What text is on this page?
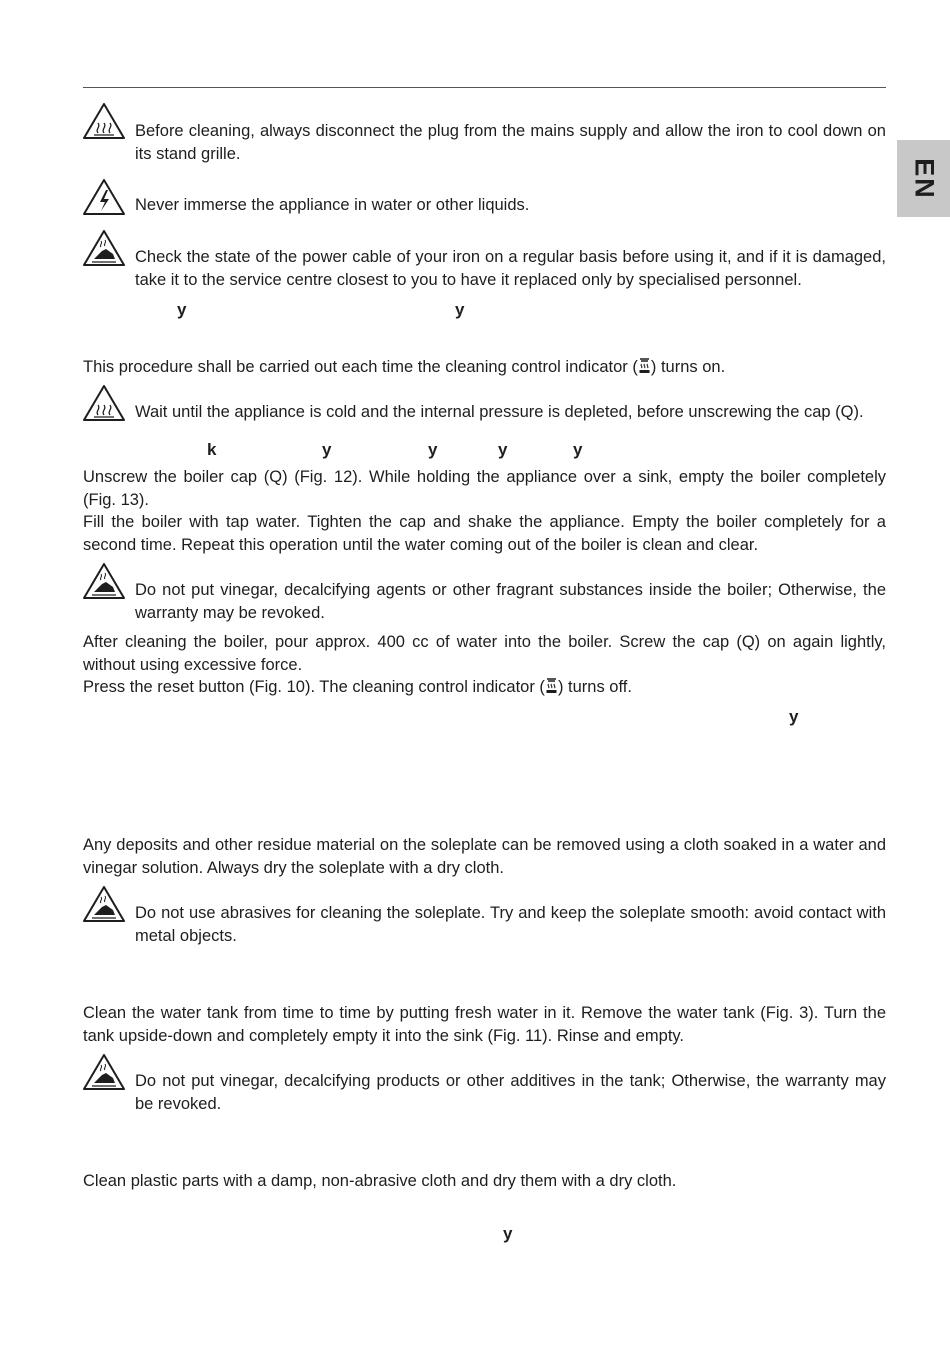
EN

Before cleaning, always disconnect the plug from the mains supply and allow the iron to cool down on its stand grille.

Never immerse the appliance in water or other liquids.

Check the state of the power cable of your iron on a regular basis before using it, and if it is damaged, take it to the service centre closest to you to have it replaced only by specialised personnel.

y	y

This procedure shall be carried out each time the cleaning control indicator ( ) turns on.

Wait until the appliance is cold and the internal pressure is depleted, before unscrewing the cap (Q).

k	y	y	y	y

Unscrew the boiler cap (Q) (Fig. 12). While holding the appliance over a sink, empty the boiler completely (Fig. 13).

Fill the boiler with tap water. Tighten the cap and shake the appliance. Empty the boiler completely for a second time. Repeat this operation until the water coming out of the boiler is clean and clear.

Do not put vinegar, decalcifying agents or other fragrant substances inside the boiler; Otherwise, the warranty may be revoked.

After cleaning the boiler, pour approx. 400 cc of water into the boiler. Screw the cap (Q) on again lightly, without using excessive force.

Press the reset button (Fig. 10). The cleaning control indicator ( ) turns off.

y

Any deposits and other residue material on the soleplate can be removed using a cloth soaked in a water and vinegar solution. Always dry the soleplate with a dry cloth.

Do not use abrasives for cleaning the soleplate. Try and keep the soleplate smooth: avoid contact with metal objects.

Clean the water tank from time to time by putting fresh water in it. Remove the water tank (Fig. 3). Turn the tank upside-down and completely empty it into the sink (Fig. 11). Rinse and empty.

Do not put vinegar, decalcifying products or other additives in the tank; Otherwise, the warranty may be revoked.

Clean plastic parts with a damp, non-abrasive cloth and dry them with a dry cloth.

y
